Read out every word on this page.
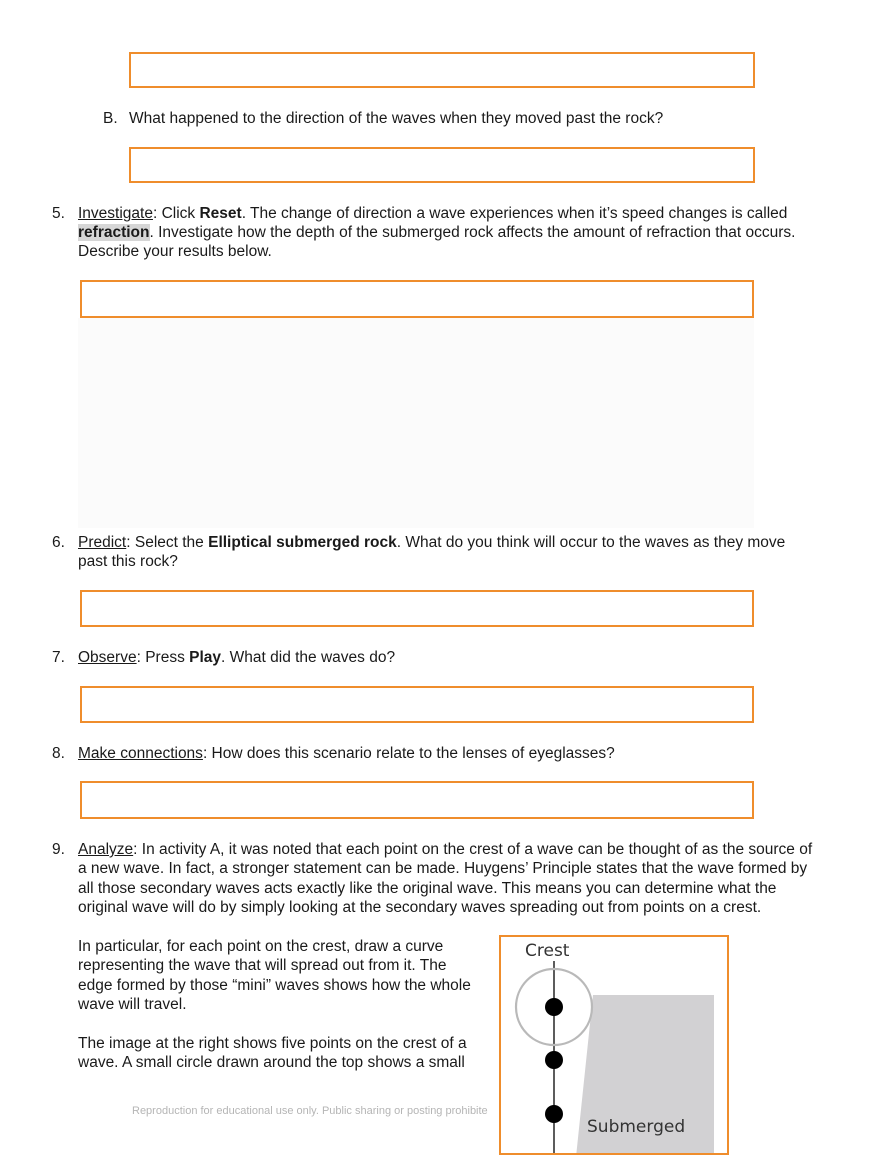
B. What happened to the direction of the waves when they moved past the rock?
5. Investigate: Click Reset. The change of direction a wave experiences when it’s speed changes is called
refraction. Investigate how the depth of the submerged rock affects the amount of refraction that occurs.
Describe your results below.
6. Predict: Select the Elliptical submerged rock. What do you think will occur to the waves as they move
past this rock?
7. Observe: Press Play. What did the waves do?
8. Make connections: How does this scenario relate to the lenses of eyeglasses?
9. Analyze: In activity A, it was noted that each point on the crest of a wave can be thought of as the source of
a new wave. In fact, a stronger statement can be made. Huygens’ Principle states that the wave formed by
all those secondary waves acts exactly like the original wave. This means you can determine what the
original wave will do by simply looking at the secondary waves spreading out from points on a crest.
In particular, for each point on the crest, draw a curve
representing the wave that will spread out from it. The
edge formed by those “mini” waves shows how the whole
wave will travel.
The image at the right shows five points on the crest of a
wave. A small circle drawn around the top shows a small
Reproduction for educational use only. Public sharing or posting prohibite
Crest
Submerged
